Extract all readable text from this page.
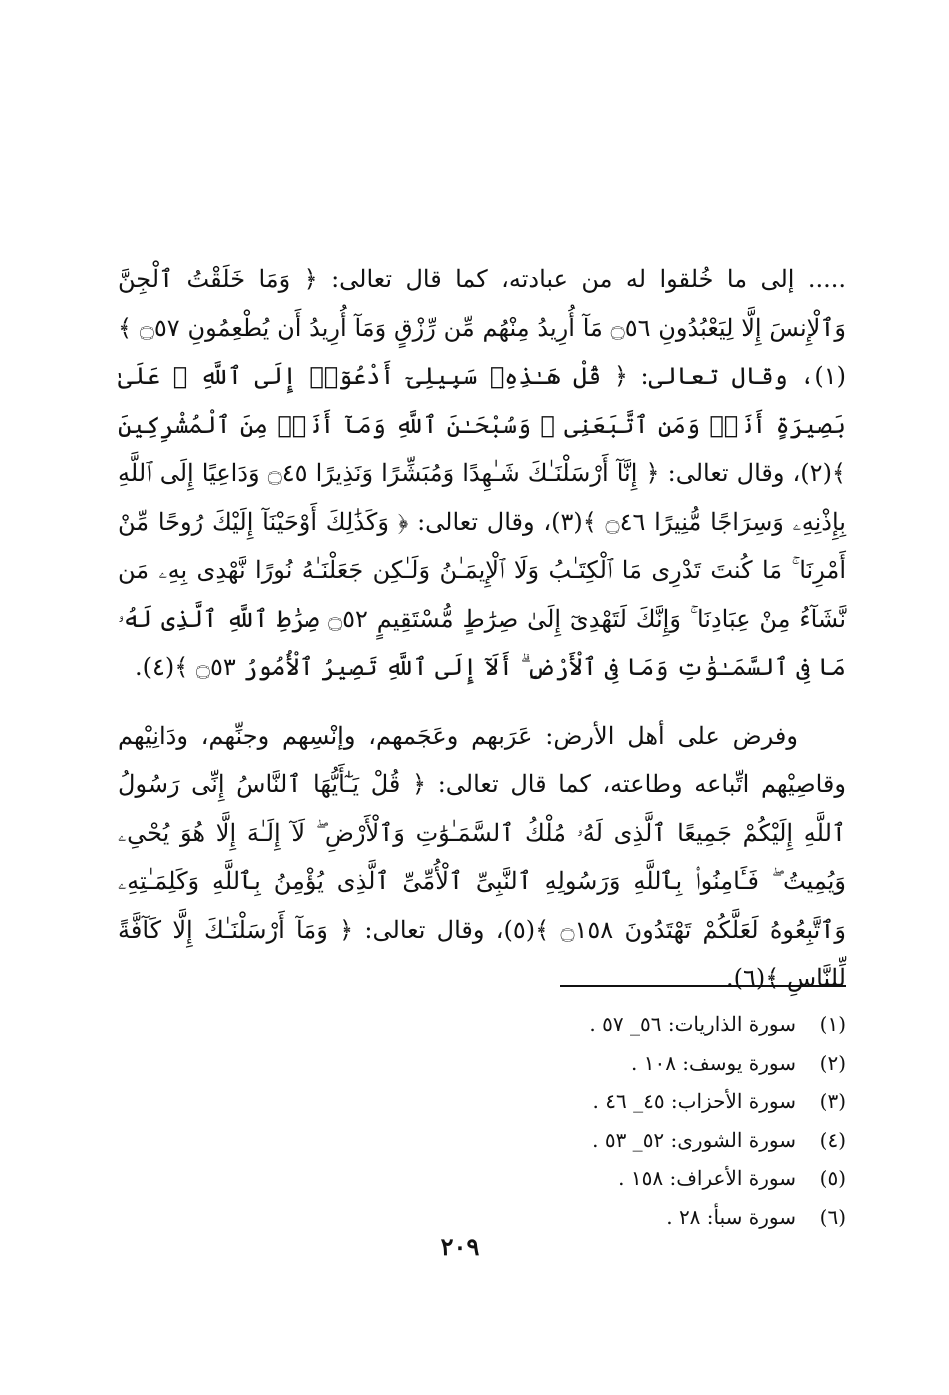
..... إلى ما خُلقوا له من عبادته، كما قال تعالى: ﴿ وَمَا خَلَقْتُ ٱلْجِنَّ وَٱلْإِنسَ إِلَّا لِيَعْبُدُونِ ۝٥٦ مَآ أُرِيدُ مِنْهُم مِّن رِّزْقٍ وَمَآ أُرِيدُ أَن يُطْعِمُونِ ۝٥٧ ﴾(١)، وقال تعالى: ﴿ قُلْ هَـٰذِهِۦ سَبِيلِىٓ أَدْعُوٓا۟ إِلَى ٱللَّهِ ۚ عَلَىٰ بَصِيرَةٍ أَنَا۠ وَمَنِ ٱتَّبَعَنِى ۖ وَسُبْحَـٰنَ ٱللَّهِ وَمَآ أَنَا۠ مِنَ ٱلْمُشْرِكِينَ ﴾(٢)، وقال تعالى: ﴿ إِنَّآ أَرْسَلْنَـٰكَ شَـٰهِدًا وَمُبَشِّرًا وَنَذِيرًا ۝٤٥ وَدَاعِيًا إِلَى ٱللَّهِ بِإِذْنِهِۦ وَسِرَاجًا مُّنِيرًا ۝٤٦ ﴾(٣)، وقال تعالى: ﴿ وَكَذَٰلِكَ أَوْحَيْنَآ إِلَيْكَ رُوحًا مِّنْ أَمْرِنَا ۚ مَا كُنتَ تَدْرِى مَا ٱلْكِتَـٰبُ وَلَا ٱلْإِيمَـٰنُ وَلَـٰكِن جَعَلْنَـٰهُ نُورًا نَّهْدِى بِهِۦ مَن نَّشَآءُ مِنْ عِبَادِنَا ۚ وَإِنَّكَ لَتَهْدِىٓ إِلَىٰ صِرَٰطٍ مُّسْتَقِيمٍ ۝٥٢ صِرَٰطِ ٱللَّهِ ٱلَّذِى لَهُۥ مَا فِى ٱلسَّمَـٰوَٰتِ وَمَا فِى ٱلْأَرْضِ ۗ أَلَآ إِلَى ٱللَّهِ تَصِيرُ ٱلْأُمُورُ ۝٥٣ ﴾(٤).

وفرض على أهل الأرض: عَرَبهم وعَجَمهم، وإنْسِهم وجنِّهم، ودَانِيْهم وقاصِيْهم اتِّباعه وطاعته، كما قال تعالى: ﴿ قُلْ يَـٰٓأَيُّهَا ٱلنَّاسُ إِنِّى رَسُولُ ٱللَّهِ إِلَيْكُمْ جَمِيعًا ٱلَّذِى لَهُۥ مُلْكُ ٱلسَّمَـٰوَٰتِ وَٱلْأَرْضِ ۖ لَآ إِلَـٰهَ إِلَّا هُوَ يُحْىِۦ وَيُمِيتُ ۖ فَـَٔامِنُوا۟ بِٱللَّهِ وَرَسُولِهِ ٱلنَّبِىِّ ٱلْأُمِّىِّ ٱلَّذِى يُؤْمِنُ بِٱللَّهِ وَكَلِمَـٰتِهِۦ وَٱتَّبِعُوهُ لَعَلَّكُمْ تَهْتَدُونَ ۝١٥٨ ﴾(٥)، وقال تعالى: ﴿ وَمَآ أَرْسَلْنَـٰكَ إِلَّا كَآفَّةً لِّلنَّاسِ ﴾(٦).

(١)سورة الذاريات: ٥٦_ ٥٧ .
(٢)سورة يوسف: ١٠٨ .
(٣)سورة الأحزاب: ٤٥_ ٤٦ .
(٤)سورة الشورى: ٥٢_ ٥٣ .
(٥)سورة الأعراف: ١٥٨ .
(٦)سورة سبأ: ٢٨ .
٢٠٩
